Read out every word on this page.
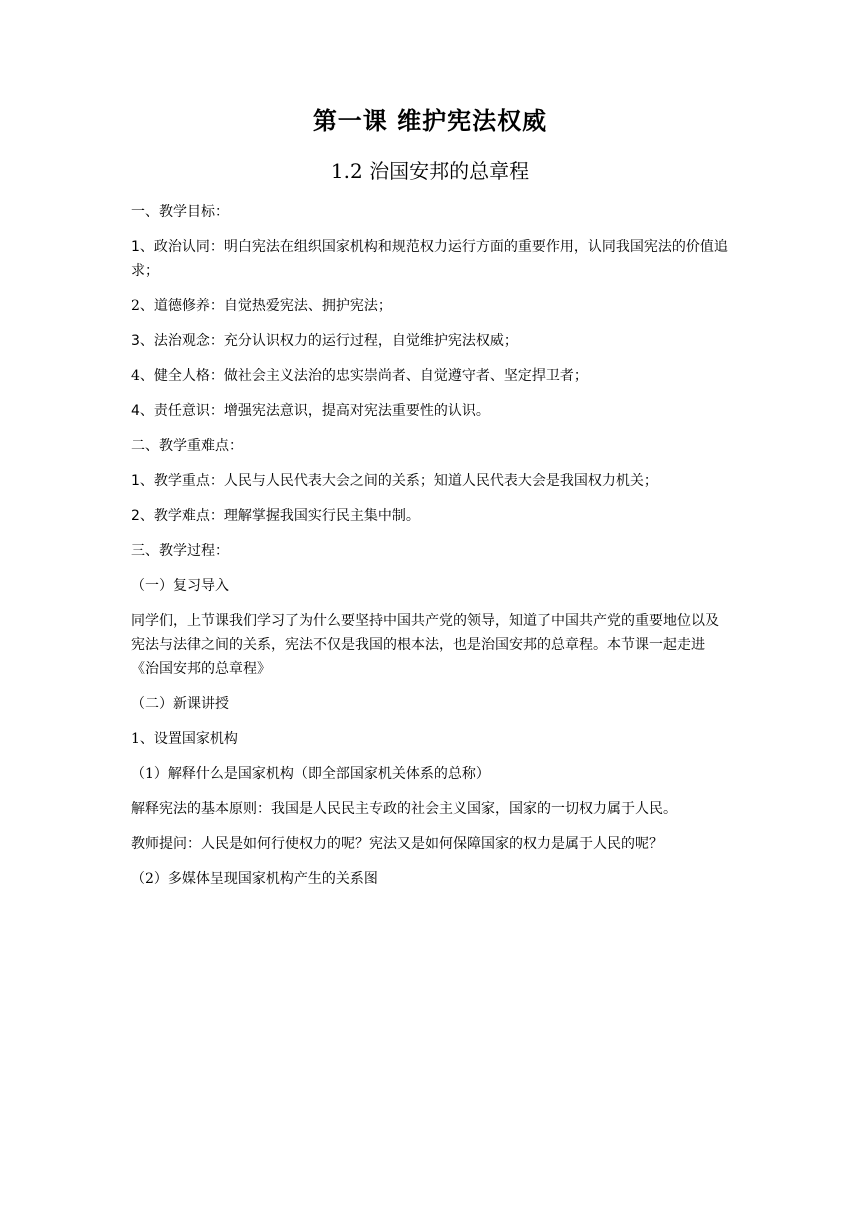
第一课 维护宪法权威
1.2 治国安邦的总章程

一、教学目标：

1、政治认同：明白宪法在组织国家机构和规范权力运行方面的重要作用，认同我国宪法的价值追求；

2、道德修养：自觉热爱宪法、拥护宪法；

3、法治观念：充分认识权力的运行过程，自觉维护宪法权威；

4、健全人格：做社会主义法治的忠实崇尚者、自觉遵守者、坚定捍卫者；

4、责任意识：增强宪法意识，提高对宪法重要性的认识。

二、教学重难点：

1、教学重点：人民与人民代表大会之间的关系；知道人民代表大会是我国权力机关；

2、教学难点：理解掌握我国实行民主集中制。

三、教学过程：

（一）复习导入

同学们，上节课我们学习了为什么要坚持中国共产党的领导，知道了中国共产党的重要地位以及宪法与法律之间的关系，宪法不仅是我国的根本法，也是治国安邦的总章程。本节课一起走进《治国安邦的总章程》

（二）新课讲授

1、设置国家机构

（1）解释什么是国家机构（即全部国家机关体系的总称）

解释宪法的基本原则：我国是人民民主专政的社会主义国家，国家的一切权力属于人民。

教师提问：人民是如何行使权力的呢？宪法又是如何保障国家的权力是属于人民的呢？

（2）多媒体呈现国家机构产生的关系图
